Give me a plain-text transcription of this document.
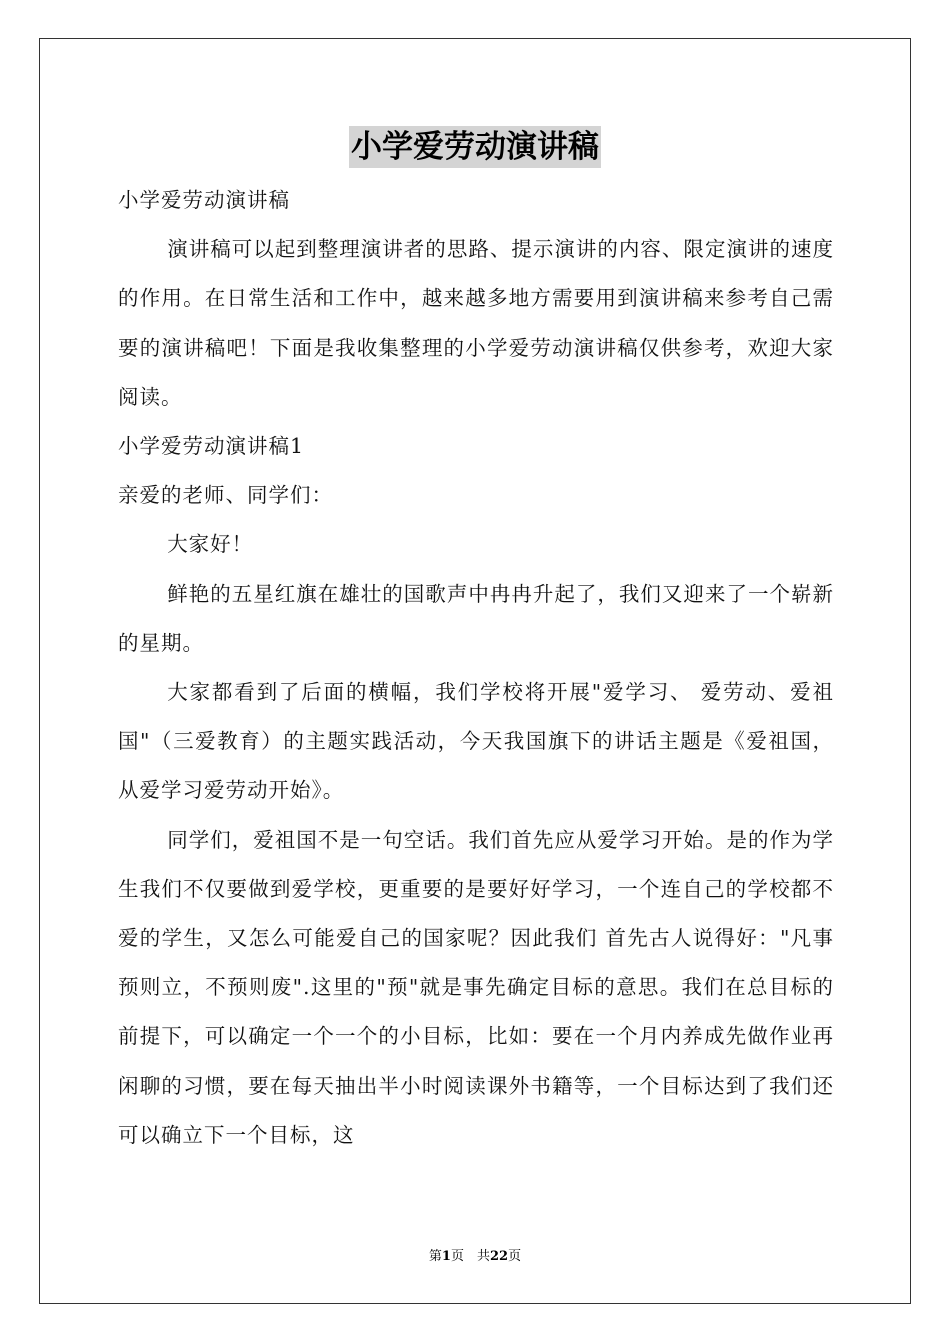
小学爱劳动演讲稿

小学爱劳动演讲稿

演讲稿可以起到整理演讲者的思路、提示演讲的内容、限定演讲的速度的作用。在日常生活和工作中，越来越多地方需要用到演讲稿来参考自己需要的演讲稿吧！下面是我收集整理的小学爱劳动演讲稿仅供参考，欢迎大家阅读。

小学爱劳动演讲稿1

亲爱的老师、同学们：

大家好！

鲜艳的五星红旗在雄壮的国歌声中冉冉升起了，我们又迎来了一个崭新的星期。

大家都看到了后面的横幅，我们学校将开展"爱学习、 爱劳动、爱祖国"（三爱教育）的主题实践活动，今天我国旗下的讲话主题是《爱祖国，从爱学习爱劳动开始》。

同学们，爱祖国不是一句空话。我们首先应从爱学习开始。是的作为学生我们不仅要做到爱学校，更重要的是要好好学习，一个连自己的学校都不爱的学生，又怎么可能爱自己的国家呢？因此我们 首先古人说得好："凡事预则立，不预则废".这里的"预"就是事先确定目标的意思。我们在总目标的前提下，可以确定一个一个的小目标，比如：要在一个月内养成先做作业再闲聊的习惯，要在每天抽出半小时阅读课外书籍等，一个目标达到了我们还可以确立下一个目标，这

第1页　共22页
